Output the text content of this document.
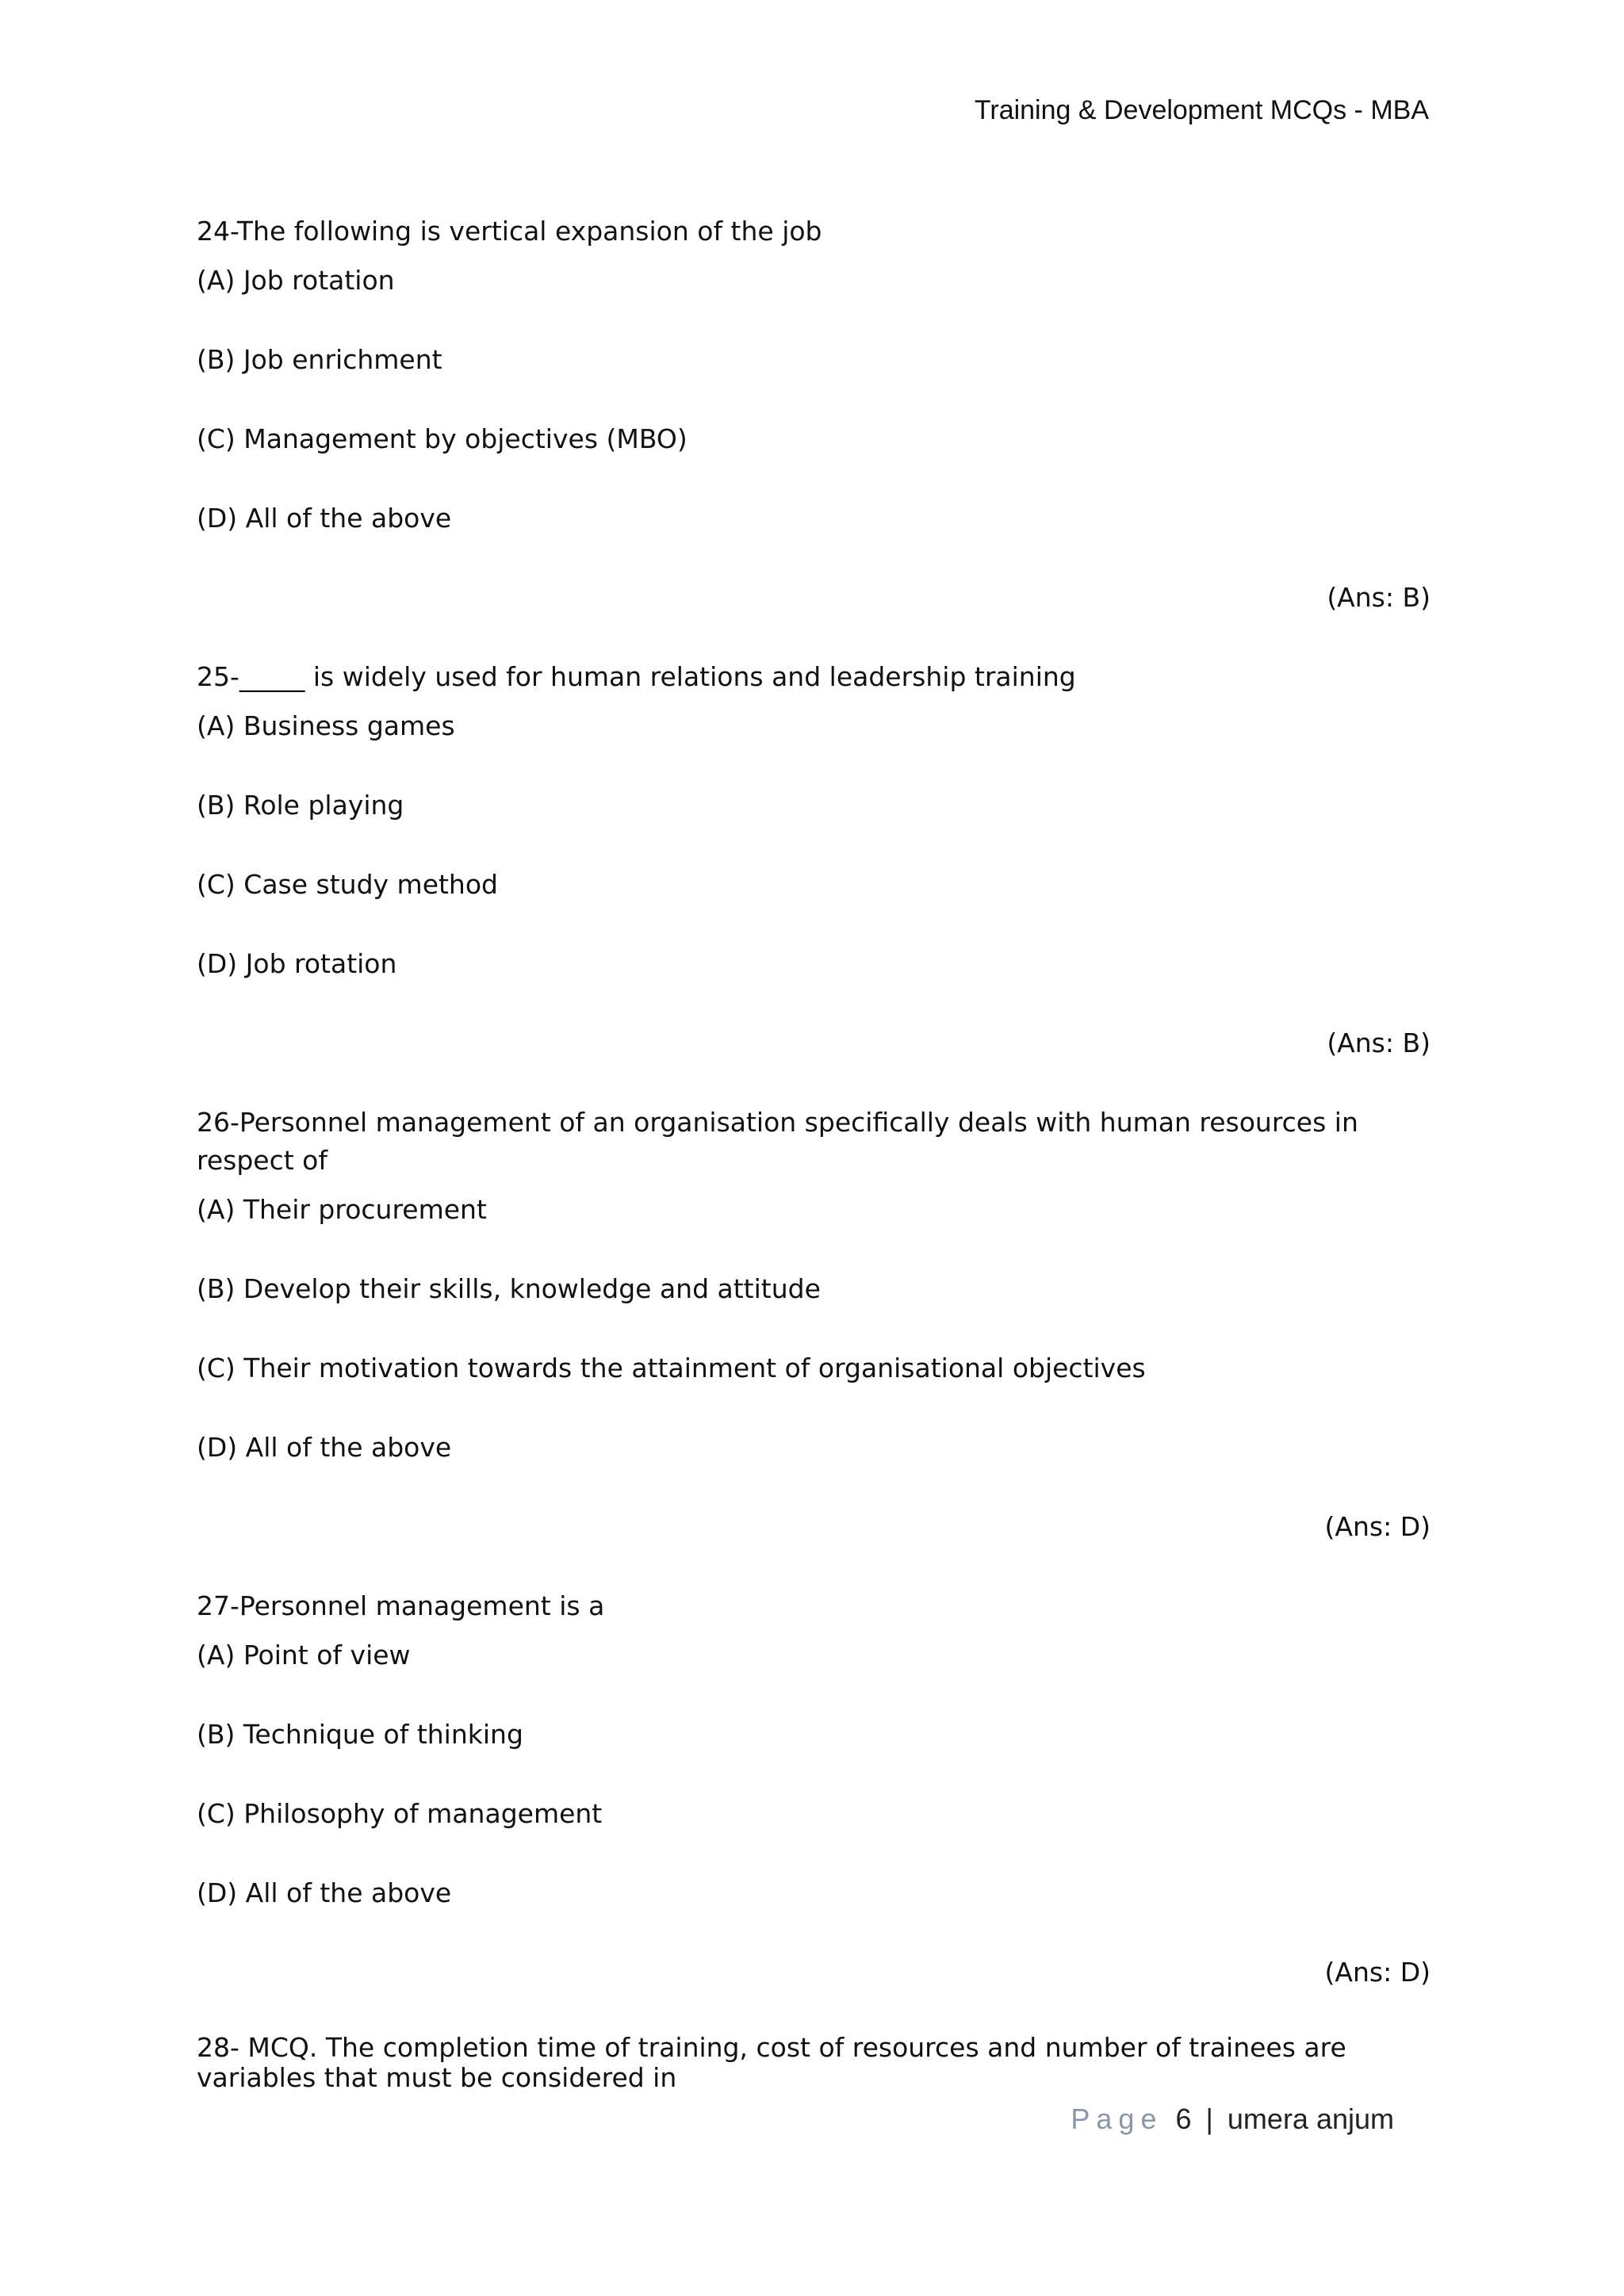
Training & Development MCQs - MBA

24-The following is vertical expansion of the job

(A) Job rotation

(B) Job enrichment

(C) Management by objectives (MBO)

(D) All of the above

(Ans: B)

25-_____ is widely used for human relations and leadership training

(A) Business games

(B) Role playing

(C) Case study method

(D) Job rotation

(Ans: B)

26-Personnel management of an organisation specifically deals with human resources in respect of

(A) Their procurement

(B) Develop their skills, knowledge and attitude

(C) Their motivation towards the attainment of organisational objectives

(D) All of the above

(Ans: D)

27-Personnel management is a

(A) Point of view

(B) Technique of thinking

(C) Philosophy of management

(D) All of the above

(Ans: D)

28- MCQ. The completion time of training, cost of resources and number of trainees are variables that must be considered in

Page 6 | umera anjum
